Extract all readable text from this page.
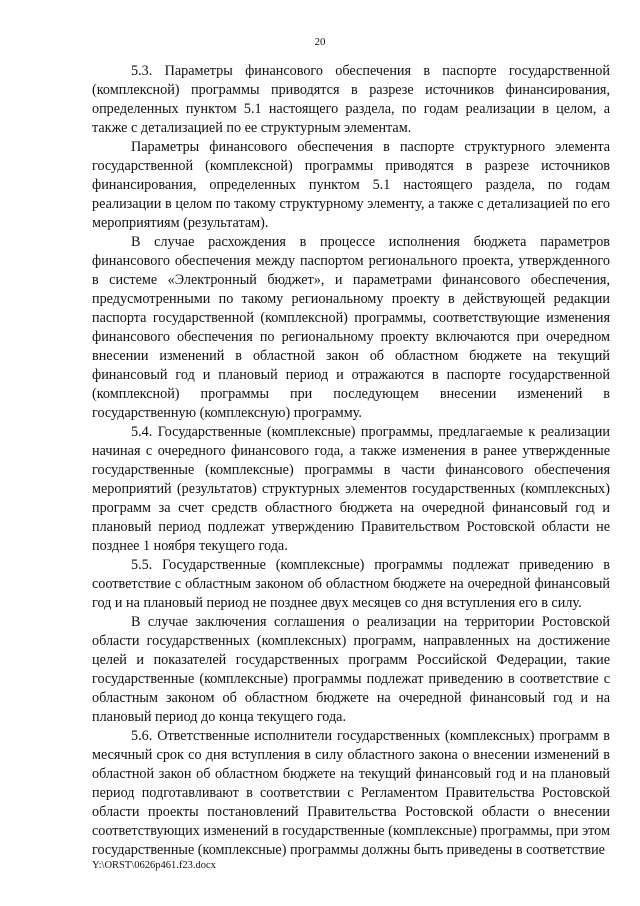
20

5.3. Параметры финансового обеспечения в паспорте государственной (комплексной) программы приводятся в разрезе источников финансирования, определенных пунктом 5.1 настоящего раздела, по годам реализации в целом, а также с детализацией по ее структурным элементам.

Параметры финансового обеспечения в паспорте структурного элемента государственной (комплексной) программы приводятся в разрезе источников финансирования, определенных пунктом 5.1 настоящего раздела, по годам реализации в целом по такому структурному элементу, а также с детализацией по его мероприятиям (результатам).

В случае расхождения в процессе исполнения бюджета параметров финансового обеспечения между паспортом регионального проекта, утвержденного в системе «Электронный бюджет», и параметрами финансового обеспечения, предусмотренными по такому региональному проекту в действующей редакции паспорта государственной (комплексной) программы, соответствующие изменения финансового обеспечения по региональному проекту включаются при очередном внесении изменений в областной закон об областном бюджете на текущий финансовый год и плановый период и отражаются в паспорте государственной (комплексной) программы при последующем внесении изменений в государственную (комплексную) программу.

5.4. Государственные (комплексные) программы, предлагаемые к реализации начиная с очередного финансового года, а также изменения в ранее утвержденные государственные (комплексные) программы в части финансового обеспечения мероприятий (результатов) структурных элементов государственных (комплексных) программ за счет средств областного бюджета на очередной финансовый год и плановый период подлежат утверждению Правительством Ростовской области не позднее 1 ноября текущего года.

5.5. Государственные (комплексные) программы подлежат приведению в соответствие с областным законом об областном бюджете на очередной финансовый год и на плановый период не позднее двух месяцев со дня вступления его в силу.

В случае заключения соглашения о реализации на территории Ростовской области государственных (комплексных) программ, направленных на достижение целей и показателей государственных программ Российской Федерации, такие государственные (комплексные) программы подлежат приведению в соответствие с областным законом об областном бюджете на очередной финансовый год и на плановый период до конца текущего года.

5.6. Ответственные исполнители государственных (комплексных) программ в месячный срок со дня вступления в силу областного закона о внесении изменений в областной закон об областном бюджете на текущий финансовый год и на плановый период подготавливают в соответствии с Регламентом Правительства Ростовской области проекты постановлений Правительства Ростовской области о внесении соответствующих изменений в государственные (комплексные) программы, при этом государственные (комплексные) программы должны быть приведены в соответствие

Y:\ORST\0626p461.f23.docx
